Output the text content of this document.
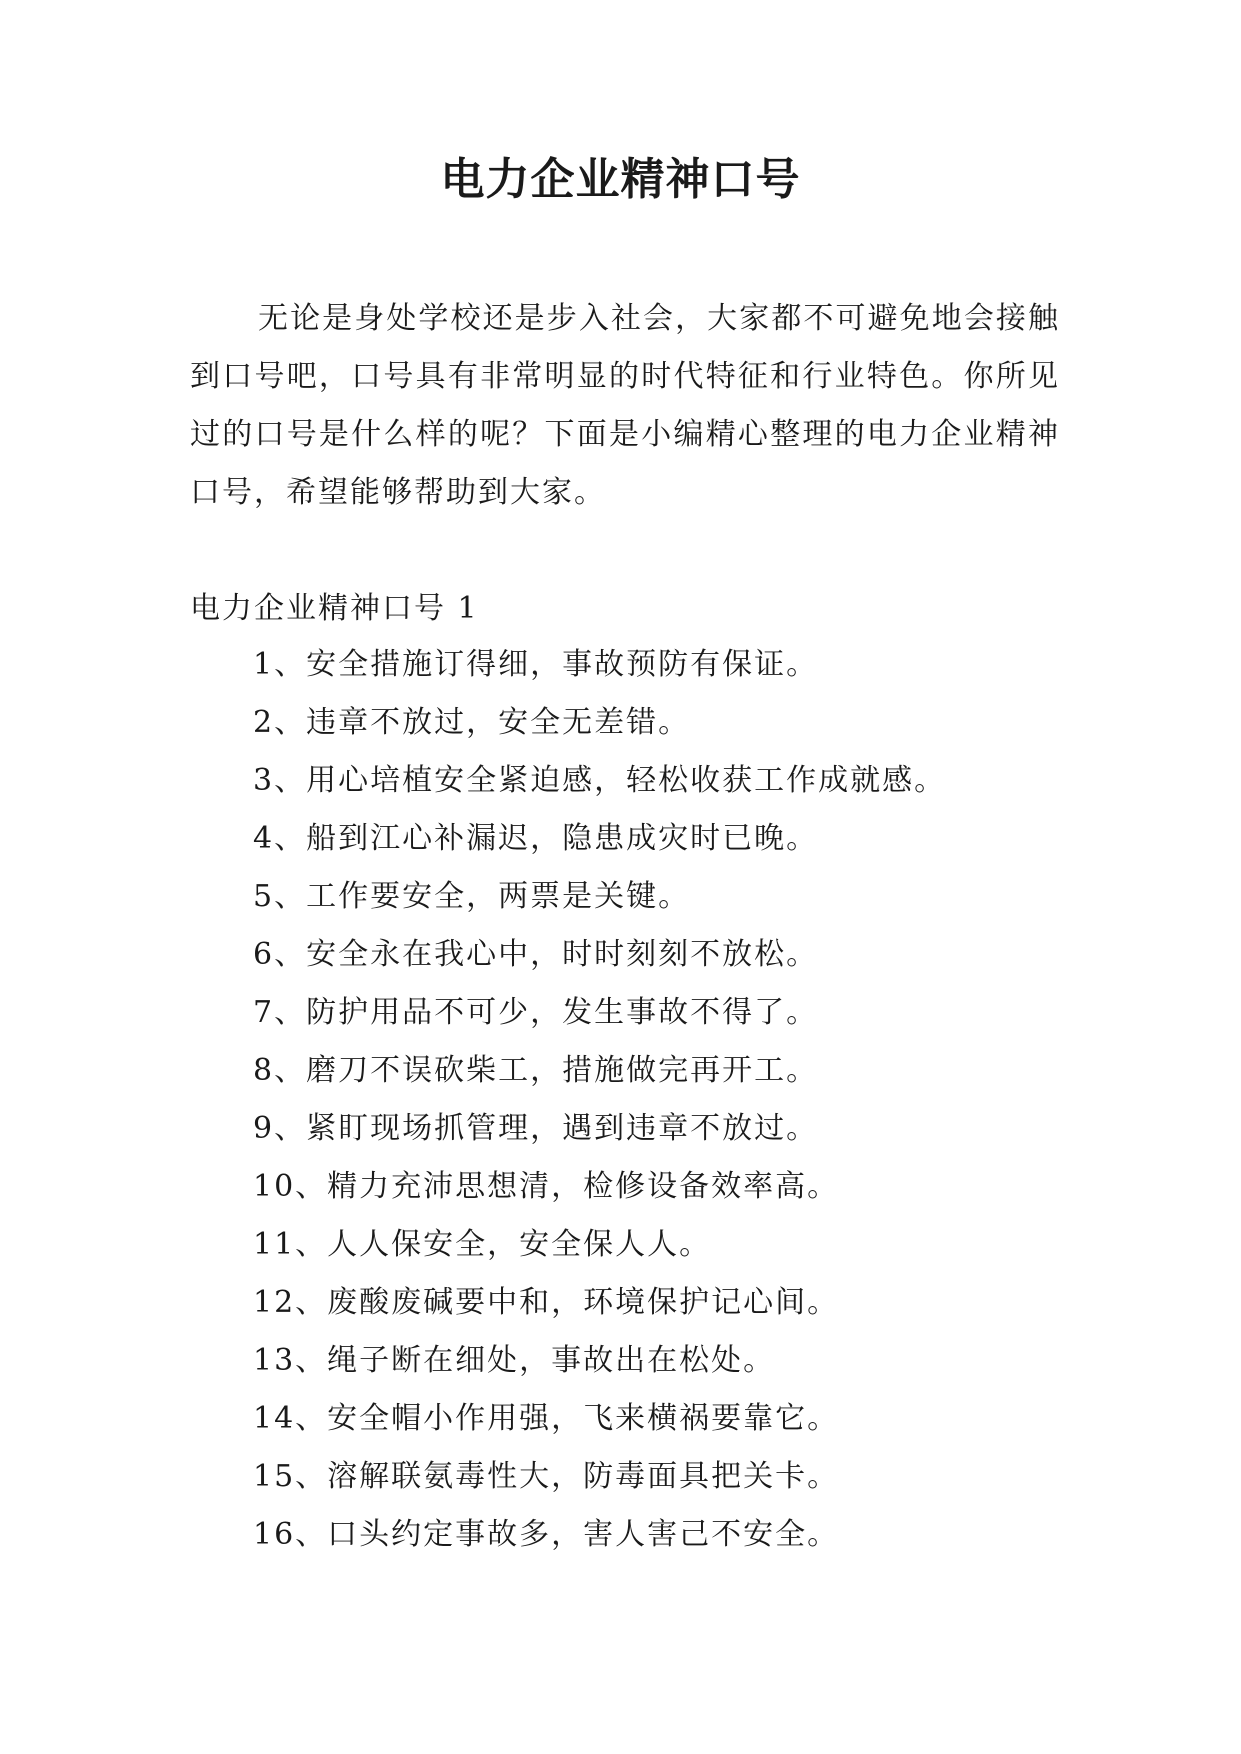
电力企业精神口号

无论是身处学校还是步入社会，大家都不可避免地会接触到口号吧，口号具有非常明显的时代特征和行业特色。你所见过的口号是什么样的呢？下面是小编精心整理的电力企业精神口号，希望能够帮助到大家。

电力企业精神口号 1

1、安全措施订得细，事故预防有保证。
2、违章不放过，安全无差错。
3、用心培植安全紧迫感，轻松收获工作成就感。
4、船到江心补漏迟，隐患成灾时已晚。
5、工作要安全，两票是关键。
6、安全永在我心中，时时刻刻不放松。
7、防护用品不可少，发生事故不得了。
8、磨刀不误砍柴工，措施做完再开工。
9、紧盯现场抓管理，遇到违章不放过。
10、精力充沛思想清，检修设备效率高。
11、人人保安全，安全保人人。
12、废酸废碱要中和，环境保护记心间。
13、绳子断在细处，事故出在松处。
14、安全帽小作用强，飞来横祸要靠它。
15、溶解联氨毒性大，防毒面具把关卡。
16、口头约定事故多，害人害己不安全。
